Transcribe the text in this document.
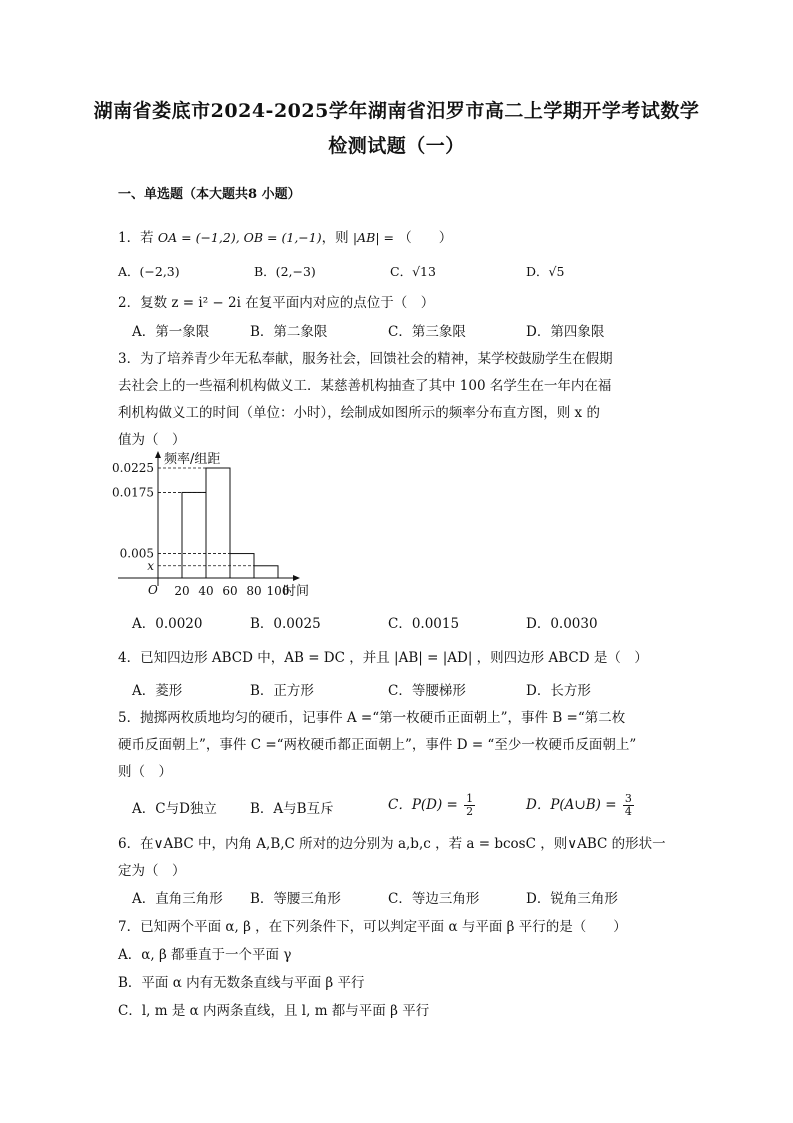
湖南省娄底市2024-2025学年湖南省汨罗市高二上学期开学考试数学
检测试题（一）
一、单选题（本大题共8 小题）
1．若 OA = (−1,2), OB = (1,−1)，则 |AB| = （　　）
A．(−2,3)	B．(2,−3)	C．√13	D．√5
2．复数 z = i² − 2i 在复平面内对应的点位于（　）
A．第一象限	B．第二象限	C．第三象限	D．第四象限
3．为了培养青少年无私奉献，服务社会，回馈社会的精神，某学校鼓励学生在假期
去社会上的一些福利机构做义工．某慈善机构抽查了其中 100 名学生在一年内在福
利机构做义工的时间（单位：小时），绘制成如图所示的频率分布直方图，则 x 的
值为（　）
0.0225
0.0175
0.005
x
20 40 60 80 100
O	时间
频率/组距
A．0.0020	B．0.0025	C．0.0015	D．0.0030
4．已知四边形 ABCD 中，AB = DC ，并且 |AB| = |AD| ，则四边形 ABCD 是（　）
A．菱形	B．正方形	C．等腰梯形	D．长方形
5．抛掷两枚质地均匀的硬币，记事件 A =“第一枚硬币正面朝上”，事件 B =“第二枚
硬币反面朝上”，事件 C =“两枚硬币都正面朝上”，事件 D = “至少一枚硬币反面朝上”
则（　）
A．C与D独立 B．A与B互斥	C．$P(D) = \frac{1}{2}$	D．P(A∪B) = $\frac{3}{4}$
6．在∨ABC 中，内角 A,B,C 所对的边分别为 a,b,c ，若 a = bcosC ，则∨ABC 的形状一
定为（　）
A．直角三角形 B．等腰三角形	C．等边三角形	D．锐角三角形
7．已知两个平面 α, β ，在下列条件下，可以判定平面 α 与平面 β 平行的是（　　）
A．α, β 都垂直于一个平面 γ
B．平面 α 内有无数条直线与平面 β 平行
C．l, m 是 α 内两条直线，且 l, m 都与平面 β 平行
